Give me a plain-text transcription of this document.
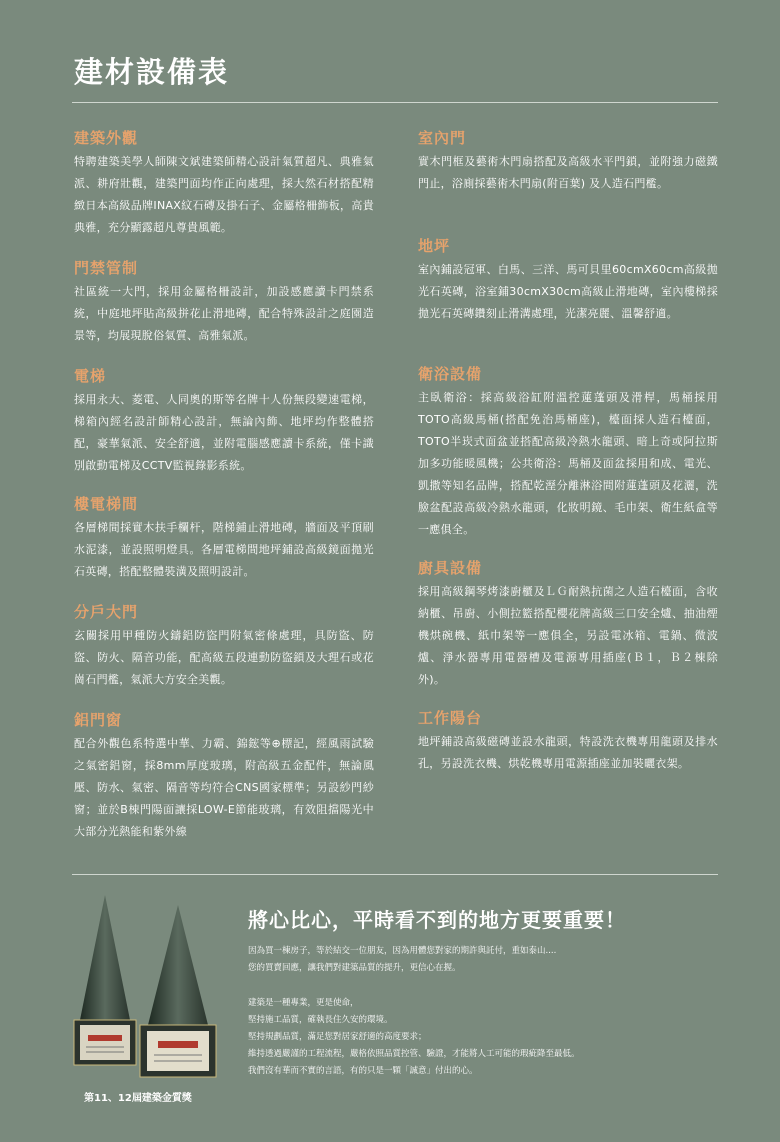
建材設備表
建築外觀
特聘建築美學人師陳文斌建築師精心設計氣質超凡、典雅氣派、耕府壯觀，建築門面均作正向處理，採大然石材搭配精緻日本高級品牌INAX紋石磚及掛石子、金屬格柵飾板，高貴典雅，充分顯露超凡尊貴風範。
門禁管制
社區統一大門，採用金屬格柵設計，加設感應讀卡門禁系統，中庭地坪貼高級拼花止滑地磚，配合特殊設計之庭園造景等，均展現脫俗氣質、高雅氣派。
電梯
採用永大、菱電、人同奧的斯等名牌十人份無段變速電梯，梯箱內經名設計師精心設計，無論內飾、地坪均作整體搭配，豪華氣派、安全舒適，並附電腦感應讀卡系統，僅卡識別啟動電梯及CCTV監視錄影系統。
樓電梯間
各層梯間採實木扶手欄杆，階梯鋪止滑地磚，牆面及平頂刷水泥漆，並設照明燈具。各層電梯間地坪鋪設高級鏡面拋光石英磚，搭配整體裝潢及照明設計。
分戶大門
玄關採用甲種防火鑄鋁防盜門附氣密條處理，具防盜、防盜、防火、隔音功能，配高級五段連動防盜鎖及大理石或花崗石門檻，氣派大方安全美觀。
鋁門窗
配合外觀色系特選中華、力霸、錦鋐等⊕標記，經風雨試驗之氣密鋁窗，採8mm厚度玻璃，附高級五金配件，無論風壓、防水、氣密、隔音等均符合CNS國家標準；另設紗門紗窗；並於B棟門陽面讓採LOW-E節能玻璃，有效阻擋陽光中大部分光熱能和紫外線
室內門
實木門框及藝術木門扇搭配及高級水平門鎖，並附強力磁鐵門止，浴廁採藝術木門扇(附百葉) 及人造石門檻。
地坪
室內鋪設冠軍、白馬、三洋、馬可貝里60cmX60cm高級拋光石英磚，浴室鋪30cmX30cm高級止滑地磚，室內樓梯採拋光石英磚鑽刻止滑溝處理，光潔亮麗、溫馨舒適。
衛浴設備
主臥衛浴：採高級浴缸附溫控蓮蓬頭及滑桿，馬桶採用TOTO高級馬桶(搭配免治馬桶座)，檯面採人造石檯面，TOTO半崁式面盆並搭配高級冷熱水龍頭、暗上奇或阿拉斯加多功能暖風機；公共衛浴：馬桶及面盆採用和成、電光、凱撒等知名品牌，搭配乾溼分離淋浴間附蓮蓬頭及花灑，洗臉盆配設高級冷熱水龍頭，化妝明鏡、毛巾架、衛生紙盒等一應俱全。
廚具設備
採用高級鋼琴烤漆廚櫃及ＬＧ耐熱抗菌之人造石檯面，含收納櫃、吊廚、小側拉籃搭配櫻花牌高級三口安全爐、抽油煙機烘碗機、紙巾架等一應俱全，另設電冰箱、電鍋、微波爐、淨水器專用電器槽及電源專用插座(Ｂ１，Ｂ２棟除外)。
工作陽台
地坪鋪設高級磁磚並設水龍頭，特設洗衣機專用龍頭及排水孔，另設洗衣機、烘乾機專用電源插座並加裝曬衣架。
第11、12屆建築金質獎
將心比心，平時看不到的地方更要重要！

因為買一棟房子，等於結交一位朋友，因為用體您對家的期許與託付，重如泰山....

您的買賣回應，讓我們對建築品質的提升，更信心在握。

建築是一種專業，更是使命，

堅持施工品質，確執長住久安的環境。

堅持規劃品質，滿足您對居家舒適的高度要求；

維持透過嚴謹的工程流程，嚴格依照品質控管、驗證，才能將人工可能的瑕疵降至最低。

我們沒有華而不實的言語，有的只是一顆「誠意」付出的心。
